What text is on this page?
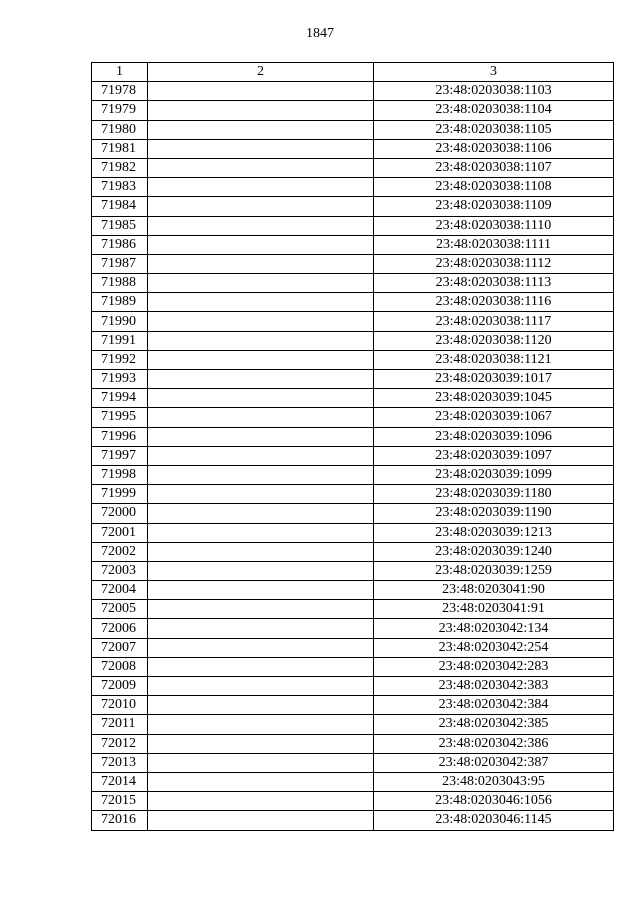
1847
1	2	3
71978		23:48:0203038:1103
71979		23:48:0203038:1104
71980		23:48:0203038:1105
71981		23:48:0203038:1106
71982		23:48:0203038:1107
71983		23:48:0203038:1108
71984		23:48:0203038:1109
71985		23:48:0203038:1110
71986		23:48:0203038:1111
71987		23:48:0203038:1112
71988		23:48:0203038:1113
71989		23:48:0203038:1116
71990		23:48:0203038:1117
71991		23:48:0203038:1120
71992		23:48:0203038:1121
71993		23:48:0203039:1017
71994		23:48:0203039:1045
71995		23:48:0203039:1067
71996		23:48:0203039:1096
71997		23:48:0203039:1097
71998		23:48:0203039:1099
71999		23:48:0203039:1180
72000		23:48:0203039:1190
72001		23:48:0203039:1213
72002		23:48:0203039:1240
72003		23:48:0203039:1259
72004		23:48:0203041:90
72005		23:48:0203041:91
72006		23:48:0203042:134
72007		23:48:0203042:254
72008		23:48:0203042:283
72009		23:48:0203042:383
72010		23:48:0203042:384
72011		23:48:0203042:385
72012		23:48:0203042:386
72013		23:48:0203042:387
72014		23:48:0203043:95
72015		23:48:0203046:1056
72016		23:48:0203046:1145
